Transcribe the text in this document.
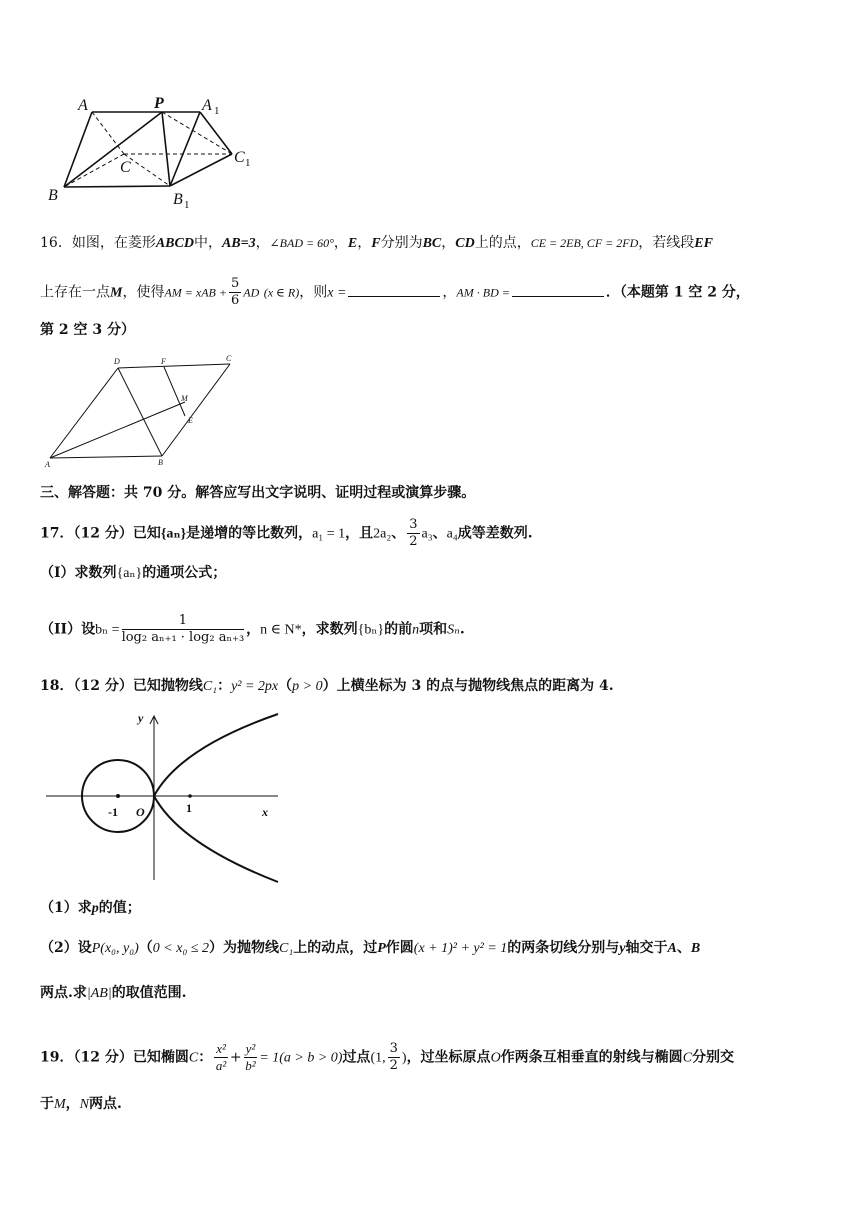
A	P A 1
C
C 1
B	B 1
16．如图，在菱形ABCD中，AB=3，∠BAD = 60°，E，F分别为BC，CD上的点，CE = 2EB, CF = 2FD，若线段EF
上存在一点M，使得AM = xAB + $\frac{5}{6}$ AD (x ∈ R)，则x =	，AM · BD =	．（本题第 1 空 2 分，
第 2 空 3 分）
D	F	C
M
E
A	B
三、解答题：共 70 分。解答应写出文字说明、证明过程或演算步骤。
17．（12 分）已知{aₙ}是递增的等比数列，a₁ = 1，且2a₂、 $\frac{3}{2} a_3$、a₄成等差数列.
（I）求数列{aₙ}的通项公式；
（II）设$b_n = \frac{1}{\text{log₂ aₙ₊₁ · log₂ aₙ₊₃}}$ ，n ∈ N*，求数列{bₙ}的前n项和Sₙ.
18．（12 分）已知抛物线C₁：y² = 2px（p > 0）上横坐标为 3 的点与抛物线焦点的距离为 4.
y
x
-1 O	1
（1）求p的值；
（2）设P(x₀, y₀)（0 < x₀ ≤ 2）为抛物线C₁上的动点，过P作圆(x + 1)² + y² = 1的两条切线分别与y轴交于A、B
两点.求|AB|的取值范围.
19．（12 分）已知椭圆C： $\frac{\text{x²}}{\text{a²}} + \frac{\text{y²}}{\text{b²}} = 1(a > b > 0)$过点(1, $\frac{3}{2}$ )，过坐标原点O作两条互相垂直的射线与椭圆C分别交
于M，N两点.
